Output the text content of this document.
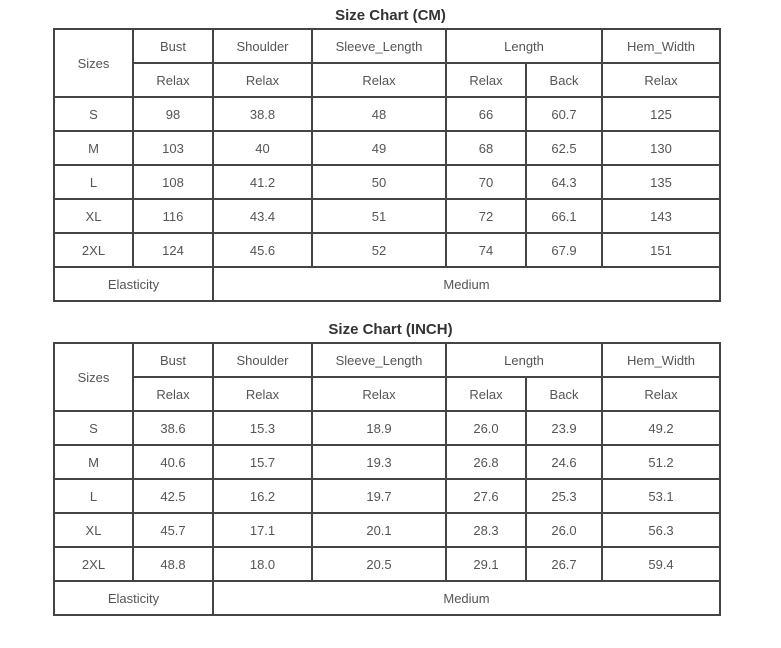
Size Chart (CM)
Sizes	Bust	Shoulder	Sleeve_Length	Length		Hem_Width
	Relax	Relax	Relax	Relax	Back	Relax
S	98	38.8	48	66	60.7	125
M	103	40	49	68	62.5	130
L	108	41.2	50	70	64.3	135
XL	116	43.4	51	72	66.1	143
2XL	124	45.6	52	74	67.9	151
Elasticity		Medium				
Size Chart (INCH)
Sizes	Bust	Shoulder	Sleeve_Length	Length		Hem_Width
	Relax	Relax	Relax	Relax	Back	Relax
S	38.6	15.3	18.9	26.0	23.9	49.2
M	40.6	15.7	19.3	26.8	24.6	51.2
L	42.5	16.2	19.7	27.6	25.3	53.1
XL	45.7	17.1	20.1	28.3	26.0	56.3
2XL	48.8	18.0	20.5	29.1	26.7	59.4
Elasticity		Medium				
